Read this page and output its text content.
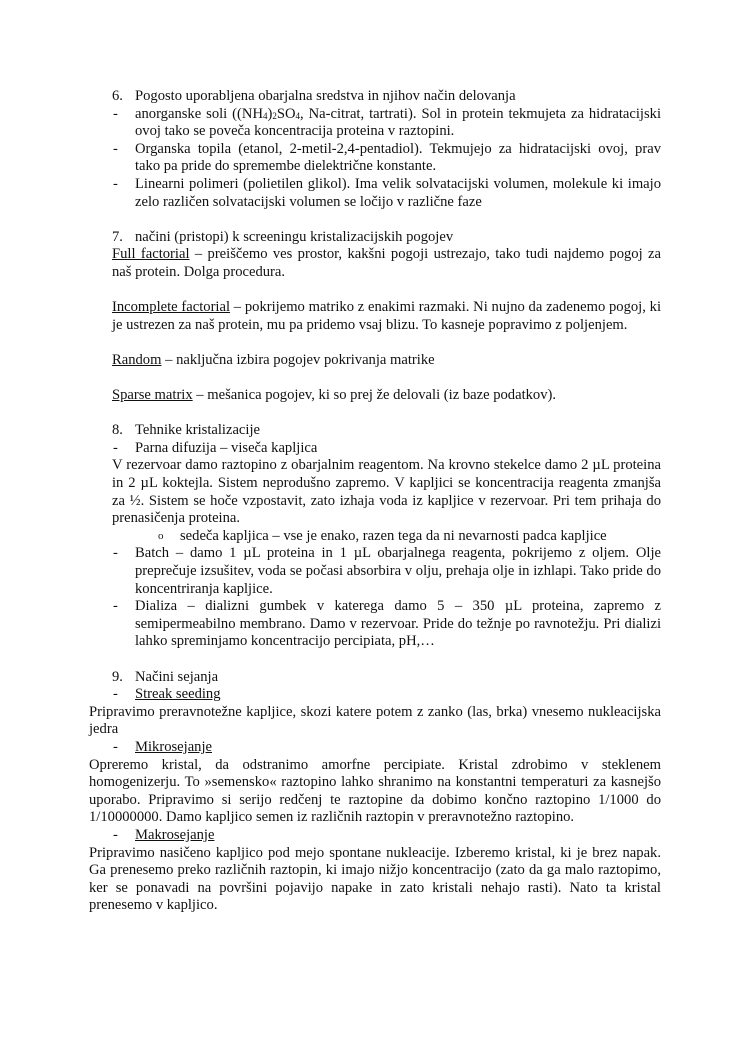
6. Pogosto uporabljena obarjalna sredstva in njihov način delovanja
- anorganske soli ($(NH_4)_2SO_4$, Na-citrat, tartrati). Sol in protein tekmujeta za hidratacijski ovoj tako se poveča koncentracija proteina v raztopini.
- Organska topila (etanol, 2-metil-2,4-pentadiol). Tekmujejo za hidratacijski ovoj, prav tako pa pride do spremembe dielektrične konstante.
- Linearni polimeri (polietilen glikol). Ima velik solvatacijski volumen, molekule ki imajo zelo različen solvatacijski volumen se ločijo v različne faze
7. načini (pristopi) k screeningu kristalizacijskih pogojev
Full factorial – preiščemo ves prostor, kakšni pogoji ustrezajo, tako tudi najdemo pogoj za naš protein. Dolga procedura.
Incomplete factorial – pokrijemo matriko z enakimi razmaki. Ni nujno da zadenemo pogoj, ki je ustrezen za naš protein, mu pa pridemo vsaj blizu. To kasneje popravimo z poljenjem.
Random – naključna izbira pogojev pokrivanja matrike
Sparse matrix – mešanica pogojev, ki so prej že delovali (iz baze podatkov).
8. Tehnike kristalizacije
- Parna difuzija – viseča kapljica
V rezervoar damo raztopino z obarjalnim reagentom. Na krovno stekelce damo 2 µL proteina in 2 µL koktejla. Sistem neprodušno zapremo. V kapljici se koncentracija reagenta zmanjša za ½. Sistem se hoče vzpostavit, zato izhaja voda iz kapljice v rezervoar. Pri tem prihaja do prenasičenja proteina.
o sedeča kapljica – vse je enako, razen tega da ni nevarnosti padca kapljice
- Batch – damo 1 µL proteina in 1 µL obarjalnega reagenta, pokrijemo z oljem. Olje preprečuje izsušitev, voda se počasi absorbira v olju, prehaja olje in izhlapi. Tako pride do koncentriranja kapljice.
- Dializa – dializni gumbek v katerega damo 5 – 350 µL proteina, zapremo z semipermeabilno membrano. Damo v rezervoar. Pride do težnje po ravnotežju. Pri dializi lahko spreminjamo koncentracijo percipiata, pH,…
9. Načini sejanja
- Streak seeding
Pripravimo preravnotežne kapljice, skozi katere potem z zanko (las, brka) vnesemo nukleacijska jedra
- Mikrosejanje
Opreremo kristal, da odstranimo amorfne percipiate. Kristal zdrobimo v steklenem homogenizerju. To »semensko« raztopino lahko shranimo na konstantni temperaturi za kasnejšo uporabo. Pripravimo si serijo redčenj te raztopine da dobimo končno raztopino 1/1000 do 1/10000000. Damo kapljico semen iz različnih raztopin v preravnotežno raztopino.
- Makrosejanje
Pripravimo nasičeno kapljico pod mejo spontane nukleacije. Izberemo kristal, ki je brez napak. Ga prenesemo preko različnih raztopin, ki imajo nižjo koncentracijo (zato da ga malo raztopimo, ker se ponavadi na površini pojavijo napake in zato kristali nehajo rasti). Nato ta kristal prenesemo v kapljico.
